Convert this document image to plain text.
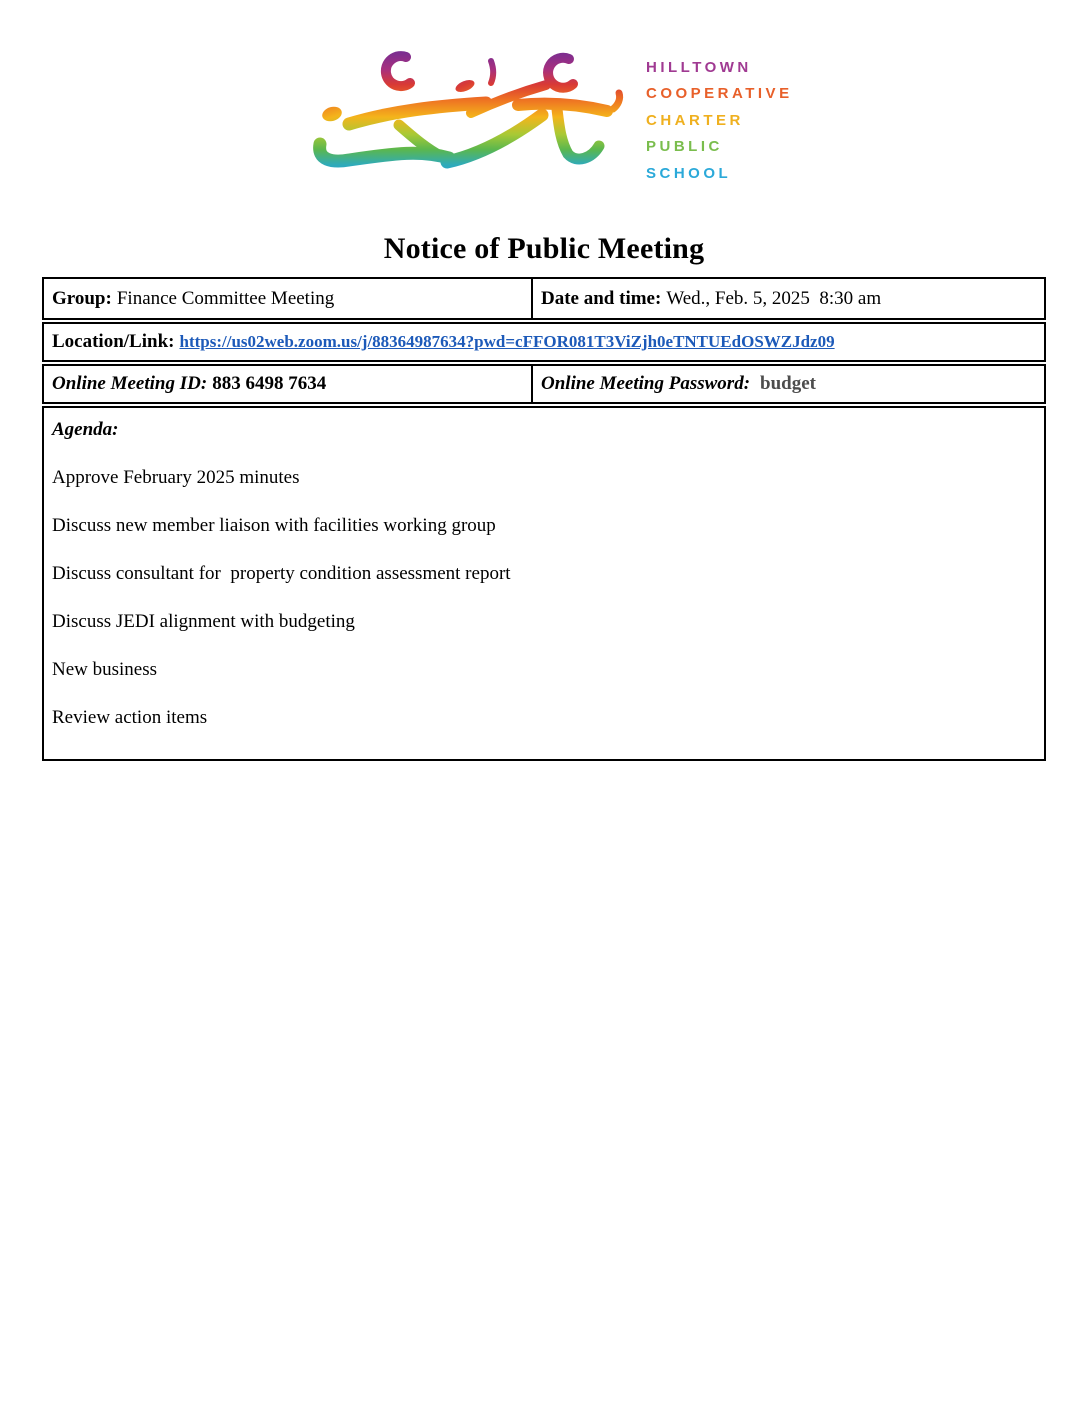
HILLTOWN
COOPERATIVE
CHARTER
PUBLIC
SCHOOL
Notice of Public Meeting
Group: Finance Committee Meeting	Date and time: Wed., Feb. 5, 2025  8:30 am
Location/Link: https://us02web.zoom.us/j/88364987634?pwd=cFFOR081T3ViZjh0eTNTUEdOSWZJdz09
Online Meeting ID: 883 6498 7634	Online Meeting Password: budget

Agenda:

Approve February 2025 minutes

Discuss new member liaison with facilities working group

Discuss consultant for  property condition assessment report

Discuss JEDI alignment with budgeting

New business

Review action items
